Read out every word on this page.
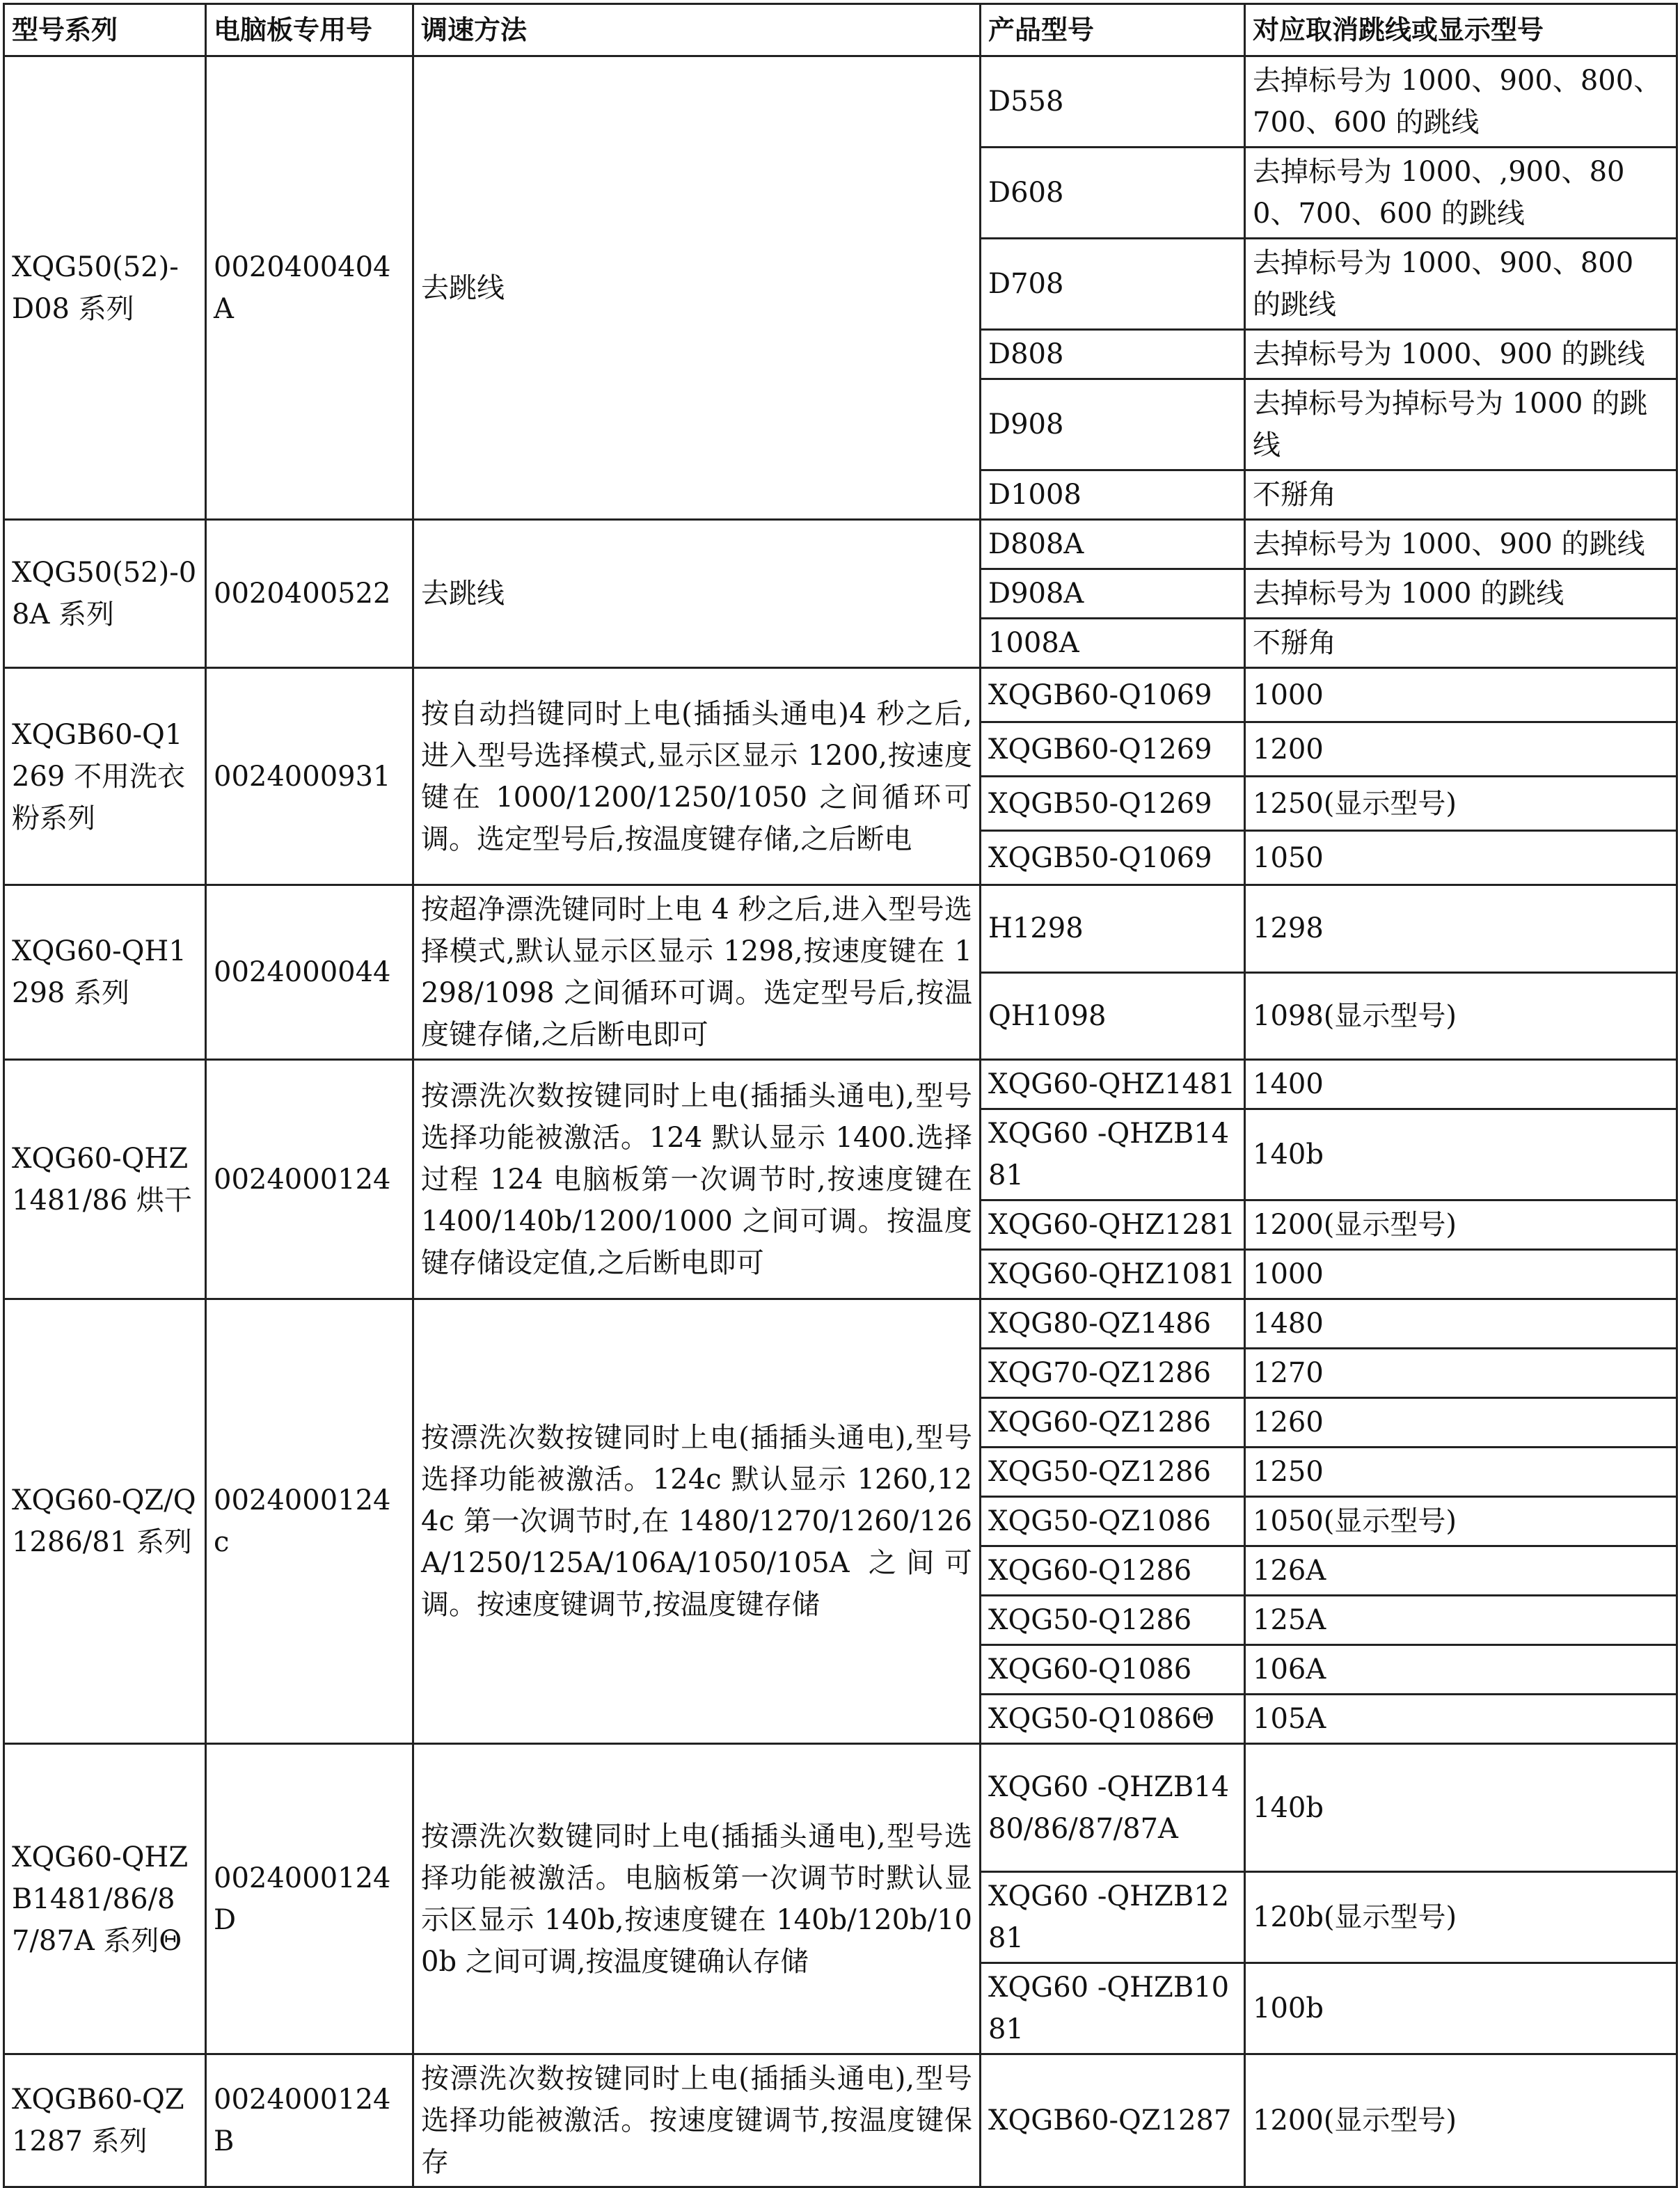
型号系列	电脑板专用号	调速方法	产品型号	对应取消跳线或显示型号
XQG50(52)-D08 系列	0020400404A	去跳线	D558	去掉标号为 1000、900、800、700、600 的跳线
			D608	去掉标号为 1000、,900、800、700、600 的跳线
			D708	去掉标号为 1000、900、800 的跳线
			D808	去掉标号为 1000、900 的跳线
			D908	去掉标号为掉标号为 1000 的跳线
			D1008	不掰角
XQG50(52)-08A 系列	0020400522	去跳线	D808A	去掉标号为 1000、900 的跳线
			D908A	去掉标号为 1000 的跳线
			1008A	不掰角
XQGB60-Q1269 不用洗衣粉系列	0024000931	按自动挡键同时上电(插插头通电)4 秒之后,进入型号选择模式,显示区显示 1200,按速度键在 1000/1200/1250/1050 之间循环可调。选定型号后,按温度键存储,之后断电	XQGB60-Q1069	1000
			XQGB60-Q1269	1200
			XQGB50-Q1269	1250(显示型号)
			XQGB50-Q1069	1050
XQG60-QH1298 系列	0024000044	按超净漂洗键同时上电 4 秒之后,进入型号选择模式,默认显示区显示 1298,按速度键在 1298/1098 之间循环可调。选定型号后,按温度键存储,之后断电即可	H1298	1298
			QH1098	1098(显示型号)
XQG60-QHZ1481/86 烘干	0024000124	按漂洗次数按键同时上电(插插头通电),型号选择功能被激活。124 默认显示 1400.选择过程 124 电脑板第一次调节时,按速度键在 1400/140b/1200/1000 之间可调。按温度键存储设定值,之后断电即可	XQG60-QHZ1481	1400
			XQG60 -QHZB1481	140b
			XQG60-QHZ1281	1200(显示型号)
			XQG60-QHZ1081	1000
XQG60-QZ/Q1286/81 系列	0024000124c	按漂洗次数按键同时上电(插插头通电),型号选择功能被激活。124c 默认显示 1260,124c 第一次调节时,在 1480/1270/1260/126A/1250/125A/106A/1050/105A 之间可调。按速度键调节,按温度键存储	XQG80-QZ1486	1480
			XQG70-QZ1286	1270
			XQG60-QZ1286	1260
			XQG50-QZ1286	1250
			XQG50-QZ1086	1050(显示型号)
			XQG60-Q1286	126A
			XQG50-Q1286	125A
			XQG60-Q1086	106A
			XQG50-Q1086Θ	105A
XQG60-QHZB1481/86/87/87A 系列Θ	0024000124D	按漂洗次数键同时上电(插插头通电),型号选择功能被激活。电脑板第一次调节时默认显示区显示 140b,按速度键在 140b/120b/100b 之间可调,按温度键确认存储	XQG60 -QHZB1480/86/87/87A	140b
			XQG60 -QHZB1281	120b(显示型号)
			XQG60 -QHZB1081	100b
XQGB60-QZ1287 系列	0024000124B	按漂洗次数按键同时上电(插插头通电),型号选择功能被激活。按速度键调节,按温度键保存	XQGB60-QZ1287	1200(显示型号)
